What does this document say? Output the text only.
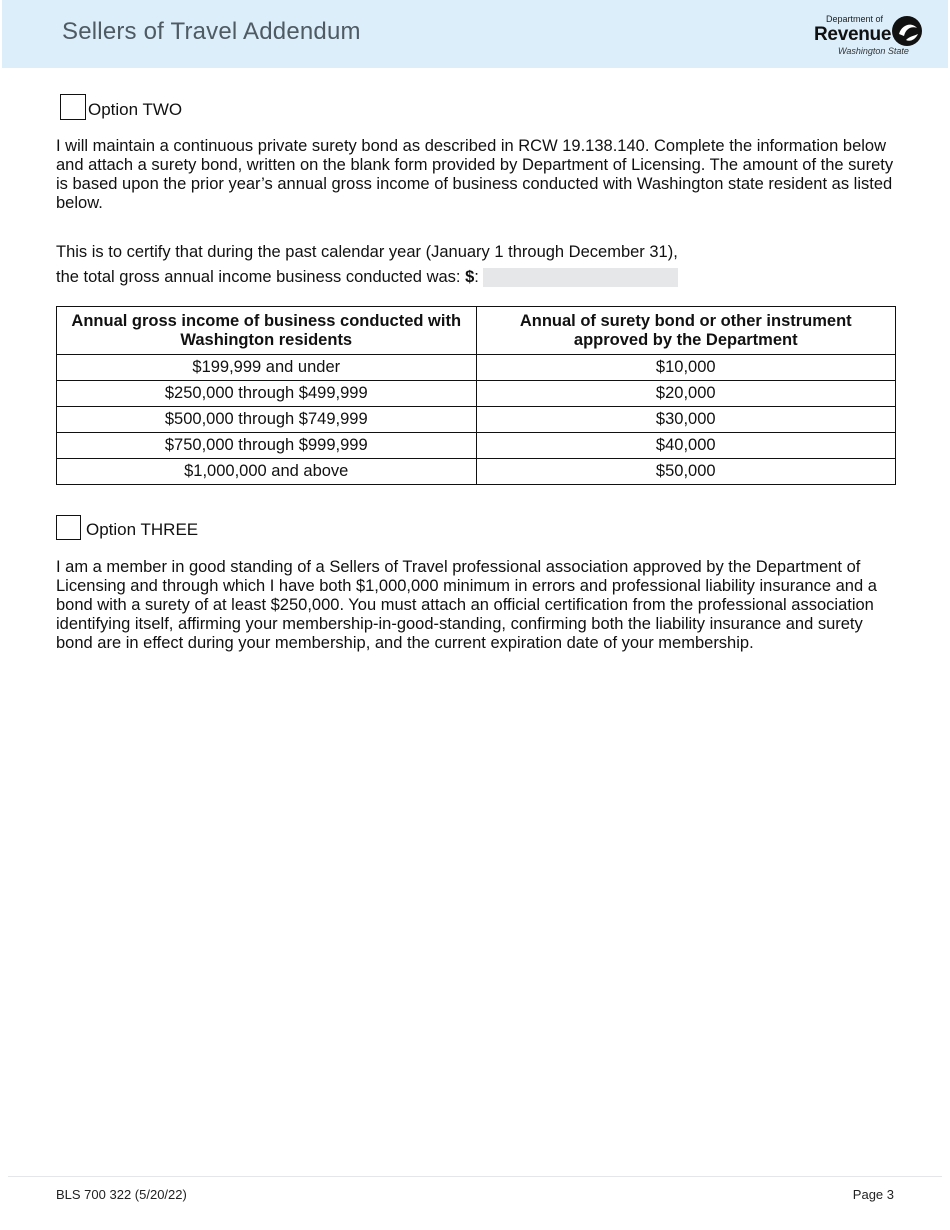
Sellers of Travel Addendum	Department of
Revenue
Washington State
Option TWO
I will maintain a continuous private surety bond as described in RCW 19.138.140. Complete the information below and attach a surety bond, written on the blank form provided by Department of Licensing. The amount of the surety is based upon the prior year’s annual gross income of business conducted with Washington state resident as listed below.
This is to certify that during the past calendar year (January 1 through December 31),
the total gross annual income business conducted was: $:
Annual gross income of business conducted with Washington residents	Annual of surety bond or other instrument approved by the Department
$199,999 and under	$10,000
$250,000 through $499,999	$20,000
$500,000 through $749,999	$30,000
$750,000 through $999,999	$40,000
$1,000,000 and above	$50,000
Option THREE
I am a member in good standing of a Sellers of Travel professional association approved by the Department of Licensing and through which I have both $1,000,000 minimum in errors and professional liability insurance and a bond with a surety of at least $250,000. You must attach an official certification from the professional association identifying itself, affirming your membership-in-good-standing, confirming both the liability insurance and surety bond are in effect during your membership, and the current expiration date of your membership.
BLS 700 322 (5/20/22)	Page 3
